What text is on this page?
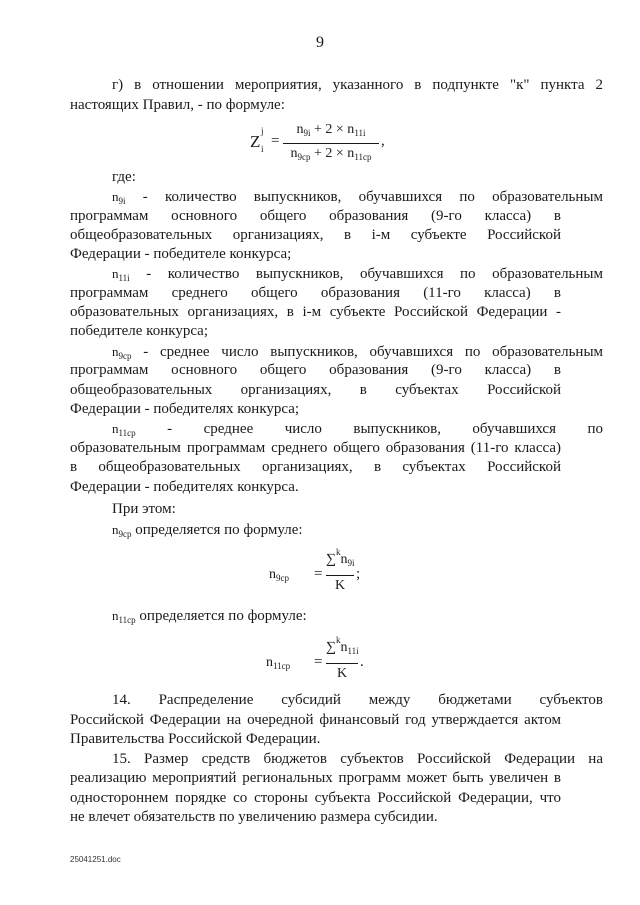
9
г) в отношении мероприятия, указанного в подпункте "к" пункта 2
настоящих Правил, - по формуле:
Z
j
i =
$n_{9i} + 2 \times n_{11i}$
$n_{9ср} + 2 \times n_{11ср}$
,
где:
$n_{9i}$ - количество выпускников, обучавшихся по образовательным
программам основного общего образования (9-го класса) в
общеобразовательных организациях, в i-м субъекте Российской
Федерации - победителе конкурса;
$n_{11i}$ - количество выпускников, обучавшихся по образовательным
программам среднего общего образования (11-го класса) в
образовательных организациях, в i-м субъекте Российской Федерации -
победителе конкурса;
$n_{9ср}$ - среднее число выпускников, обучавшихся по образовательным
программам основного общего образования (9-го класса) в
общеобразовательных организациях, в субъектах Российской
Федерации - победителях конкурса;
$n_{11ср}$ - среднее число выпускников, обучавшихся по
образовательным программам среднего общего образования (11-го класса)
в общеобразовательных организациях, в субъектах Российской
Федерации - победителях конкурса.
При этом:
$n_{9ср}$ определяется по формуле:
$n_{9ср}$ =
$\sum^kn_{9i}$
K
;
$n_{11ср}$ определяется по формуле:
$n_{11ср}$ =
$\sum^kn_{11i}$
K
.
14. Распределение субсидий между бюджетами субъектов
Российской Федерации на очередной финансовый год утверждается актом
Правительства Российской Федерации.
15. Размер средств бюджетов субъектов Российской Федерации на
реализацию мероприятий региональных программ может быть увеличен в
одностороннем порядке со стороны субъекта Российской Федерации, что
не влечет обязательств по увеличению размера субсидии.
25041251.doc
